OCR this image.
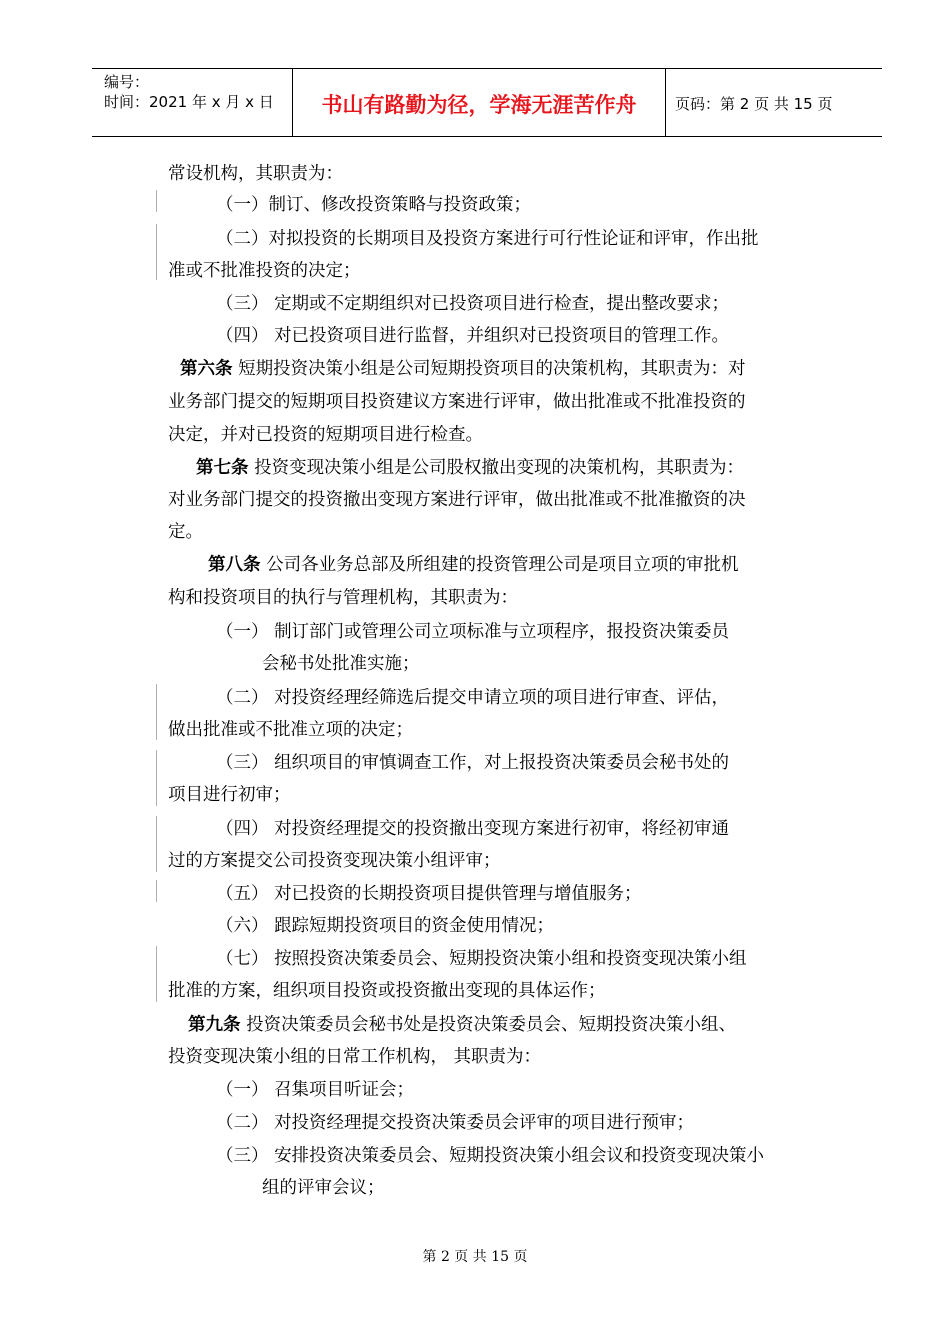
编号：
时间：2021 年 x 月 x 日	书山有路勤为径，学海无涯苦作舟	页码：第 2 页 共 15 页
常设机构，其职责为：
（一）制订、修改投资策略与投资政策；
（二）对拟投资的长期项目及投资方案进行可行性论证和评审，作出批
准或不批准投资的决定；
（三） 定期或不定期组织对已投资项目进行检查，提出整改要求；
（四） 对已投资项目进行监督，并组织对已投资项目的管理工作。
第六条 短期投资决策小组是公司短期投资项目的决策机构，其职责为：对
业务部门提交的短期项目投资建议方案进行评审，做出批准或不批准投资的
决定，并对已投资的短期项目进行检查。
第七条 投资变现决策小组是公司股权撤出变现的决策机构，其职责为：
对业务部门提交的投资撤出变现方案进行评审，做出批准或不批准撤资的决
定。
第八条 公司各业务总部及所组建的投资管理公司是项目立项的审批机
构和投资项目的执行与管理机构，其职责为：
（一） 制订部门或管理公司立项标准与立项程序，报投资决策委员
会秘书处批准实施；
（二） 对投资经理经筛选后提交申请立项的项目进行审查、评估，
做出批准或不批准立项的决定；
（三） 组织项目的审慎调查工作，对上报投资决策委员会秘书处的
项目进行初审；
（四） 对投资经理提交的投资撤出变现方案进行初审，将经初审通
过的方案提交公司投资变现决策小组评审；
（五） 对已投资的长期投资项目提供管理与增值服务；
（六） 跟踪短期投资项目的资金使用情况；
（七） 按照投资决策委员会、短期投资决策小组和投资变现决策小组
批准的方案，组织项目投资或投资撤出变现的具体运作；
第九条 投资决策委员会秘书处是投资决策委员会、短期投资决策小组、
投资变现决策小组的日常工作机构， 其职责为：
（一） 召集项目听证会；
（二） 对投资经理提交投资决策委员会评审的项目进行预审；
（三） 安排投资决策委员会、短期投资决策小组会议和投资变现决策小
组的评审会议；
第 2 页 共 15 页
